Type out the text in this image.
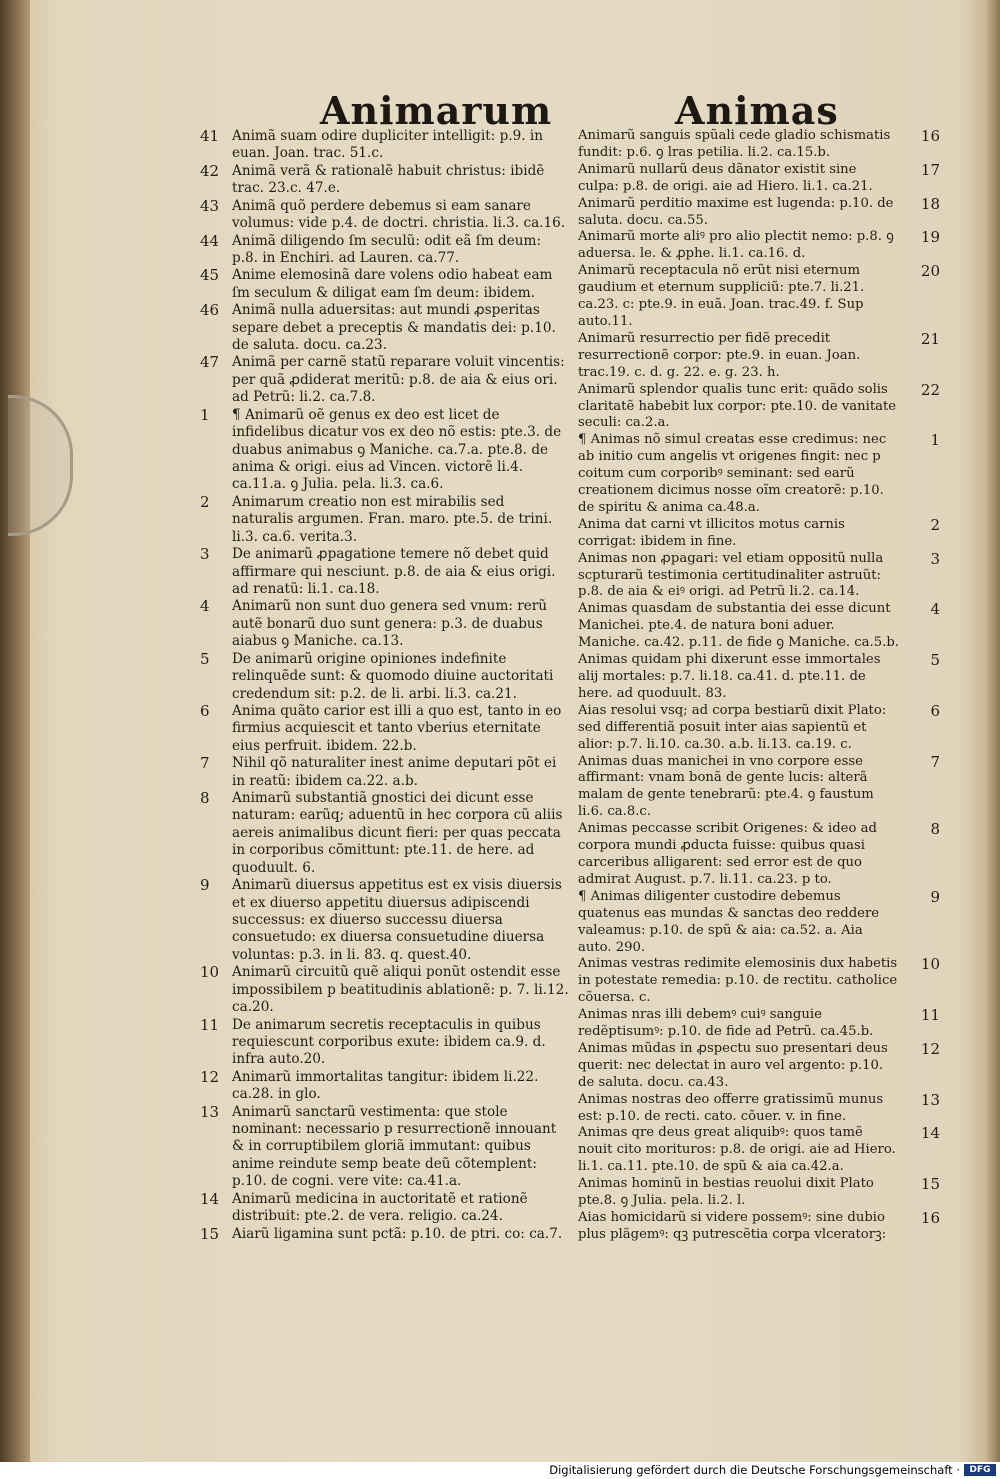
Animarum	Animas
41 Animã suam odire dupliciter intelligit: p.9. in euan. Joan. trac. 51.c.
42 Animã verã & rationalẽ habuit christus: ibidẽ trac. 23.c. 47.e.
43 Animã quõ perdere debemus si eam sanare volumus: vide p.4. de doctri. christia. li.3. ca.16.
44 Animã diligendo ſm seculũ: odit eã ſm deum: p.8. in Enchiri. ad Lauren. ca.77.
45 Anime elemosinã dare volens odio habeat eam ſm seculum & diligat eam ſm deum: ibidem.
46 Animã nulla aduersitas: aut mundi ꝓsperitas separe debet a preceptis & mandatis dei: p.10. de saluta. docu. ca.23.
47 Animã per carnẽ statũ reparare voluit vincentis: per quã ꝓdiderat meritũ: p.8. de aia & eius ori. ad Petrũ: li.2. ca.7.8.
1 ¶ Animarũ oẽ genus ex deo est licet de infidelibus dicatur vos ex deo nõ estis: pte.3. de duabus animabus ꝯ Maniche. ca.7.a. pte.8. de anima & origi. eius ad Vincen. victorẽ li.4. ca.11.a. ꝯ Julia. pela. li.3. ca.6.
2 Animarum creatio non est mirabilis sed naturalis argumen. Fran. maro. pte.5. de trini. li.3. ca.6. verita.3.
3 De animarũ ꝓpagatione temere nõ debet quid affirmare qui nesciunt. p.8. de aia & eius origi. ad renatũ: li.1. ca.18.
4 Animarũ non sunt duo genera sed vnum: rerũ autẽ bonarũ duo sunt genera: p.3. de duabus aiabus ꝯ Maniche. ca.13.
5 De animarũ origine opiniones indefinite relinquẽde sunt: & quomodo diuine auctoritati credendum sit: p.2. de li. arbi. li.3. ca.21.
6 Anima quãto carior est illi a quo est, tanto in eo firmius acquiescit et tanto vberius eternitate eius perfruit. ibidem. 22.b.
7 Nihil qõ naturaliter inest anime deputari põt ei in reatũ: ibidem ca.22. a.b.
8 Animarũ substantiã gnostici dei dicunt esse naturam: earũq; aduentũ in hec corpora cũ aliis aereis animalibus dicunt fieri: per quas peccata in corporibus cõmittunt: pte.11. de here. ad quoduult. 6.
9 Animarũ diuersus appetitus est ex visis diuersis et ex diuerso appetitu diuersus adipiscendi successus: ex diuerso successu diuersa consuetudo: ex diuersa consuetudine diuersa voluntas: p.3. in li. 83. q. quest.40.
10 Animarũ circuitũ quẽ aliqui ponũt ostendit esse impossibilem p beatitudinis ablationẽ: p. 7. li.12. ca.20.
11 De animarum secretis receptaculis in quibus requiescunt corporibus exute: ibidem ca.9. d. infra auto.20.
12 Animarũ immortalitas tangitur: ibidem li.22. ca.28. in glo.
13 Animarũ sanctarũ vestimenta: que stole nominant: necessario p resurrectionẽ innouant & in corruptibilem gloriã immutant: quibus anime reindute semp beate deũ cõtemplent: p.10. de cogni. vere vite: ca.41.a.
14 Animarũ medicina in auctoritatẽ et rationẽ distribuit: pte.2. de vera. religio. ca.24.
15 Aiarũ ligamina sunt pctã: p.10. de ptri. co: ca.7.
16
Animarũ sanguis spũali cede gladio schismatis fundit: p.6. ꝯ lras petilia. li.2. ca.15.b.
17
Animarũ nullarũ deus dãnator existit sine culpa: p.8. de origi. aie ad Hiero. li.1. ca.21.
18
Animarũ perditio maxime est lugenda: p.10. de saluta. docu. ca.55.
19
Animarũ morte aliꝰ pro alio plectit nemo: p.8. ꝯ aduersa. le. & ꝓphe. li.1. ca.16. d.
20
Animarũ receptacula nõ erũt nisi eternum gaudium et eternum suppliciũ: pte.7. li.21. ca.23. c: pte.9. in euã. Joan. trac.49. f. Sup auto.11.
21
Animarũ resurrectio per fidẽ precedit resurrectionẽ corpor: pte.9. in euan. Joan. trac.19. c. d. g. 22. e. g. 23. h.
22
Animarũ splendor qualis tunc erit: quãdo solis claritatẽ habebit lux corpor: pte.10. de vanitate seculi: ca.2.a.
1
¶ Animas nõ simul creatas esse credimus: nec ab initio cum angelis vt origenes fingit: nec p coitum cum corporibꝰ seminant: sed earũ creationem dicimus nosse oĩm creatorẽ: p.10. de spiritu & anima ca.48.a.
2
Anima dat carni vt illicitos motus carnis corrigat: ibidem in fine.
3
Animas non ꝓpagari: vel etiam oppositũ nulla scpturarũ testimonia certitudinaliter astruũt: p.8. de aia & eiꝰ origi. ad Petrũ li.2. ca.14.
4
Animas quasdam de substantia dei esse dicunt Manichei. pte.4. de natura boni aduer. Maniche. ca.42. p.11. de fide ꝯ Maniche. ca.5.b.
5
Animas quidam phi dixerunt esse immortales alij mortales: p.7. li.18. ca.41. d. pte.11. de here. ad quoduult. 83.
6
Aias resolui vsq; ad corpa bestiarũ dixit Plato: sed differentiã posuit inter aias sapientũ et alior: p.7. li.10. ca.30. a.b. li.13. ca.19. c.
7
Animas duas manichei in vno corpore esse affirmant: vnam bonã de gente lucis: alterã malam de gente tenebrarũ: pte.4. ꝯ faustum li.6. ca.8.c.
8
Animas peccasse scribit Origenes: & ideo ad corpora mundi ꝓducta fuisse: quibus quasi carceribus alligarent: sed error est de quo admirat August. p.7. li.11. ca.23. p to.
9
¶ Animas diligenter custodire debemus quatenus eas mundas & sanctas deo reddere valeamus: p.10. de spũ & aia: ca.52. a. Aia auto. 290.
10
Animas vestras redimite elemosinis dux habetis in potestate remedia: p.10. de rectitu. catholice cõuersa. c.
11
Animas nras illi debemꝰ cuiꝰ sanguie redẽptisumꝰ: p.10. de fide ad Petrũ. ca.45.b.
12
Animas mũdas in ꝓspectu suo presentari deus querit: nec delectat in auro vel argento: p.10. de saluta. docu. ca.43.
13
Animas nostras deo offerre gratissimũ munus est: p.10. de recti. cato. cõuer. v. in fine.
14
Animas qre deus great aliquibꝰ: quos tamẽ nouit cito morituros: p.8. de origi. aie ad Hiero. li.1. ca.11. pte.10. de spũ & aia ca.42.a.
15
Animas hominũ in bestias reuolui dixit Plato pte.8. ꝯ Julia. pela. li.2. l.
16
Aias homicidarũ si videre possemꝰ: sine dubio plus plãgemꝰ: qꝫ putrescẽtia corpa vlceratorꝫ:
Digitalisierung gefördert durch die Deutsche Forschungsgemeinschaft ·	DFG
